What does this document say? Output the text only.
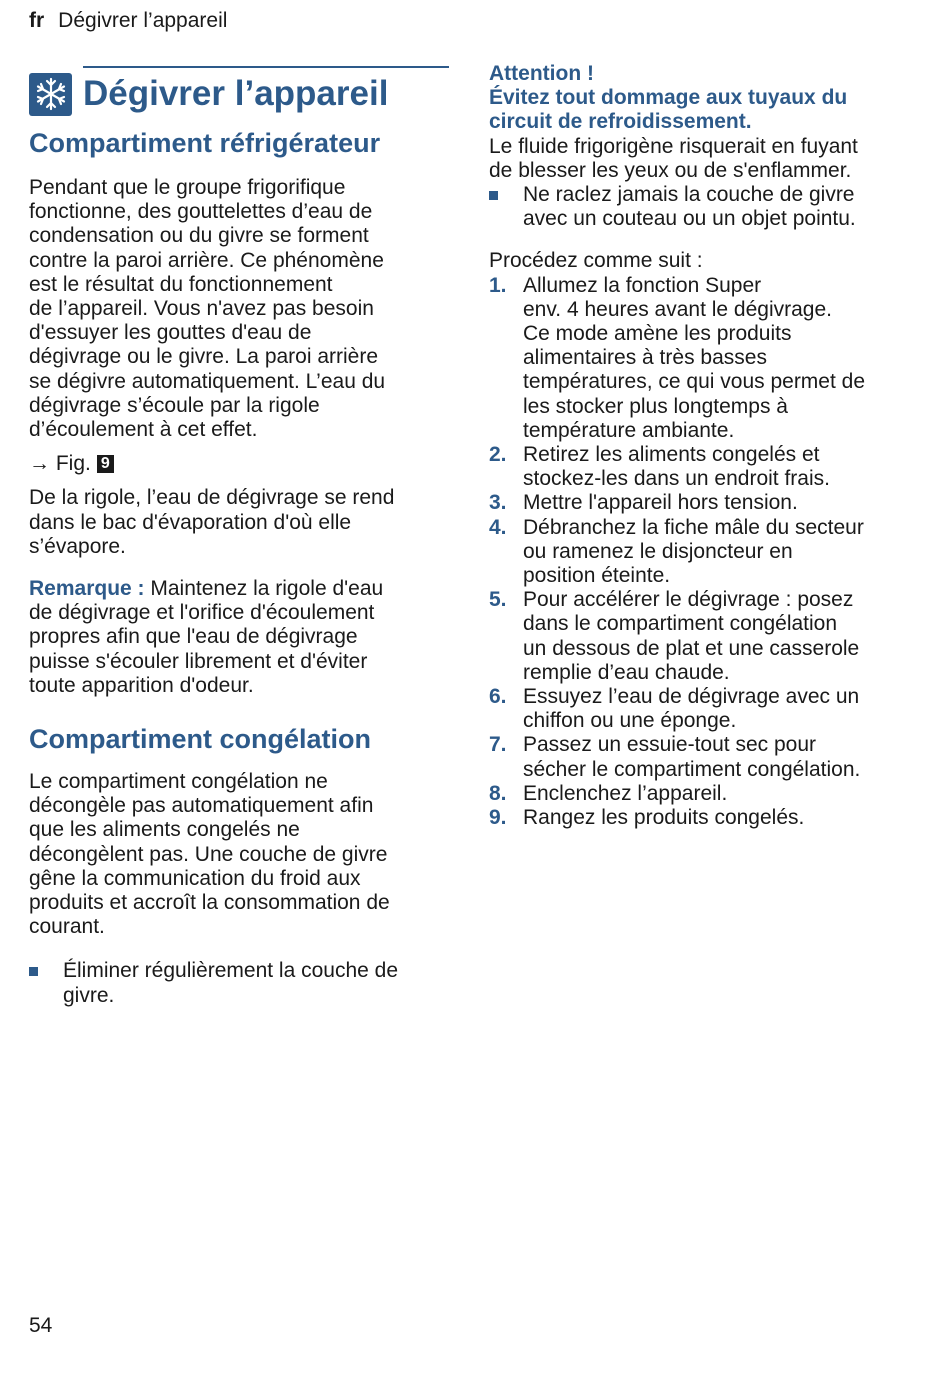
fr Dégivrer l’appareil
Dégivrer l’appareil
Compartiment réfrigérateur
Pendant que le groupe frigorifique
fonctionne, des gouttelettes d’eau de
condensation ou du givre se forment
contre la paroi arrière. Ce phénomène
est le résultat du fonctionnement
de l’appareil. Vous n'avez pas besoin
d'essuyer les gouttes d'eau de
dégivrage ou le givre. La paroi arrière
se dégivre automatiquement. L’eau du
dégivrage s’écoule par la rigole
d’écoulement à cet effet.
→ Fig. 9
De la rigole, l’eau de dégivrage se rend
dans le bac d'évaporation d'où elle
s’évapore.
Remarque : Maintenez la rigole d'eau
de dégivrage et l'orifice d'écoulement
propres afin que l'eau de dégivrage
puisse s'écouler librement et d'éviter
toute apparition d'odeur.
Compartiment congélation
Le compartiment congélation ne
décongèle pas automatiquement afin
que les aliments congelés ne
décongèlent pas. Une couche de givre
gêne la communication du froid aux
produits et accroît la consommation de
courant.
Éliminer régulièrement la couche de
givre.

Attention !

Évitez tout dommage aux tuyaux du
circuit de refroidissement.

Le fluide frigorigène risquerait en fuyant
de blesser les yeux ou de s'enflammer.
Ne raclez jamais la couche de givre
avec un couteau ou un objet pointu.
Procédez comme suit :
1. Allumez la fonction Super
env. 4 heures avant le dégivrage.
Ce mode amène les produits
alimentaires à très basses
températures, ce qui vous permet de
les stocker plus longtemps à
température ambiante.
2. Retirez les aliments congelés et
stockez-les dans un endroit frais.
3. Mettre l'appareil hors tension.
4. Débranchez la fiche mâle du secteur
ou ramenez le disjoncteur en
position éteinte.
5. Pour accélérer le dégivrage : posez
dans le compartiment congélation
un dessous de plat et une casserole
remplie d’eau chaude.
6. Essuyez l’eau de dégivrage avec un
chiffon ou une éponge.
7. Passez un essuie-tout sec pour
sécher le compartiment congélation.
8. Enclenchez l’appareil.
9. Rangez les produits congelés.
54
